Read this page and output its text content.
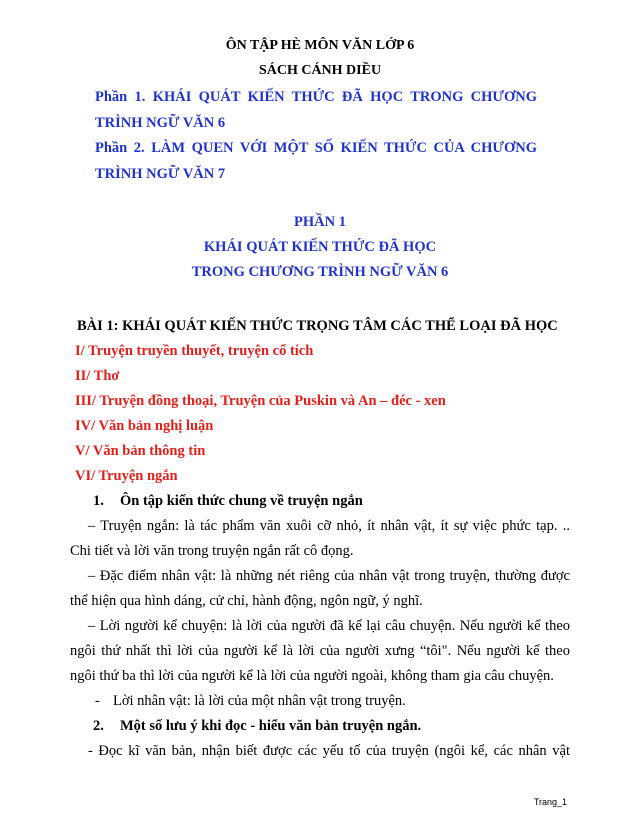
ÔN TẬP HÈ MÔN VĂN LỚP 6
SÁCH CÁNH DIỀU
Phần 1. KHÁI QUÁT KIẾN THỨC ĐÃ HỌC TRONG CHƯƠNG
TRÌNH NGỮ VĂN 6
Phần 2. LÀM QUEN VỚI MỘT SỐ KIẾN THỨC CỦA CHƯƠNG
TRÌNH NGỮ VĂN 7
PHẦN 1
KHÁI QUÁT KIẾN THỨC ĐÃ HỌC
TRONG CHƯƠNG TRÌNH NGỮ VĂN 6
BÀI 1: KHÁI QUÁT KIẾN THỨC TRỌNG TÂM CÁC THỂ LOẠI ĐÃ HỌC
I/ Truyện truyền thuyết, truyện cổ tích
II/ Thơ
III/ Truyện đồng thoại, Truyện của Puskin và An – đéc - xen
IV/ Văn bản nghị luận
V/ Văn bản thông tin
VI/ Truyện ngắn
1. Ôn tập kiến thức chung về truyện ngắn
– Truyện ngắn: là tác phẩm văn xuôi cỡ nhỏ, ít nhân vật, ít sự việc phức tạp. ..
Chi tiết và lời văn trong truyện ngắn rất cô đọng.
– Đặc điểm nhân vật: là những nét riêng của nhân vật trong truyện, thường được
thể hiện qua hình dáng, cử chỉ, hành động, ngôn ngữ, ý nghĩ.
– Lời người kể chuyện: là lời của người đã kể lại câu chuyện. Nếu người kể theo
ngôi thứ nhất thì lời của người kể là lời của người xưng “tôi". Nếu người kể theo
ngôi thứ ba thì lời của người kể là lời của người ngoài, không tham gia câu chuyện.
- Lời nhân vật: là lời của một nhân vật trong truyện.
2. Một số lưu ý khi đọc - hiểu văn bản truyện ngắn.
- Đọc kĩ văn bản, nhận biết được các yếu tố của truyện (ngôi kể, các nhân vật
Trang_1
